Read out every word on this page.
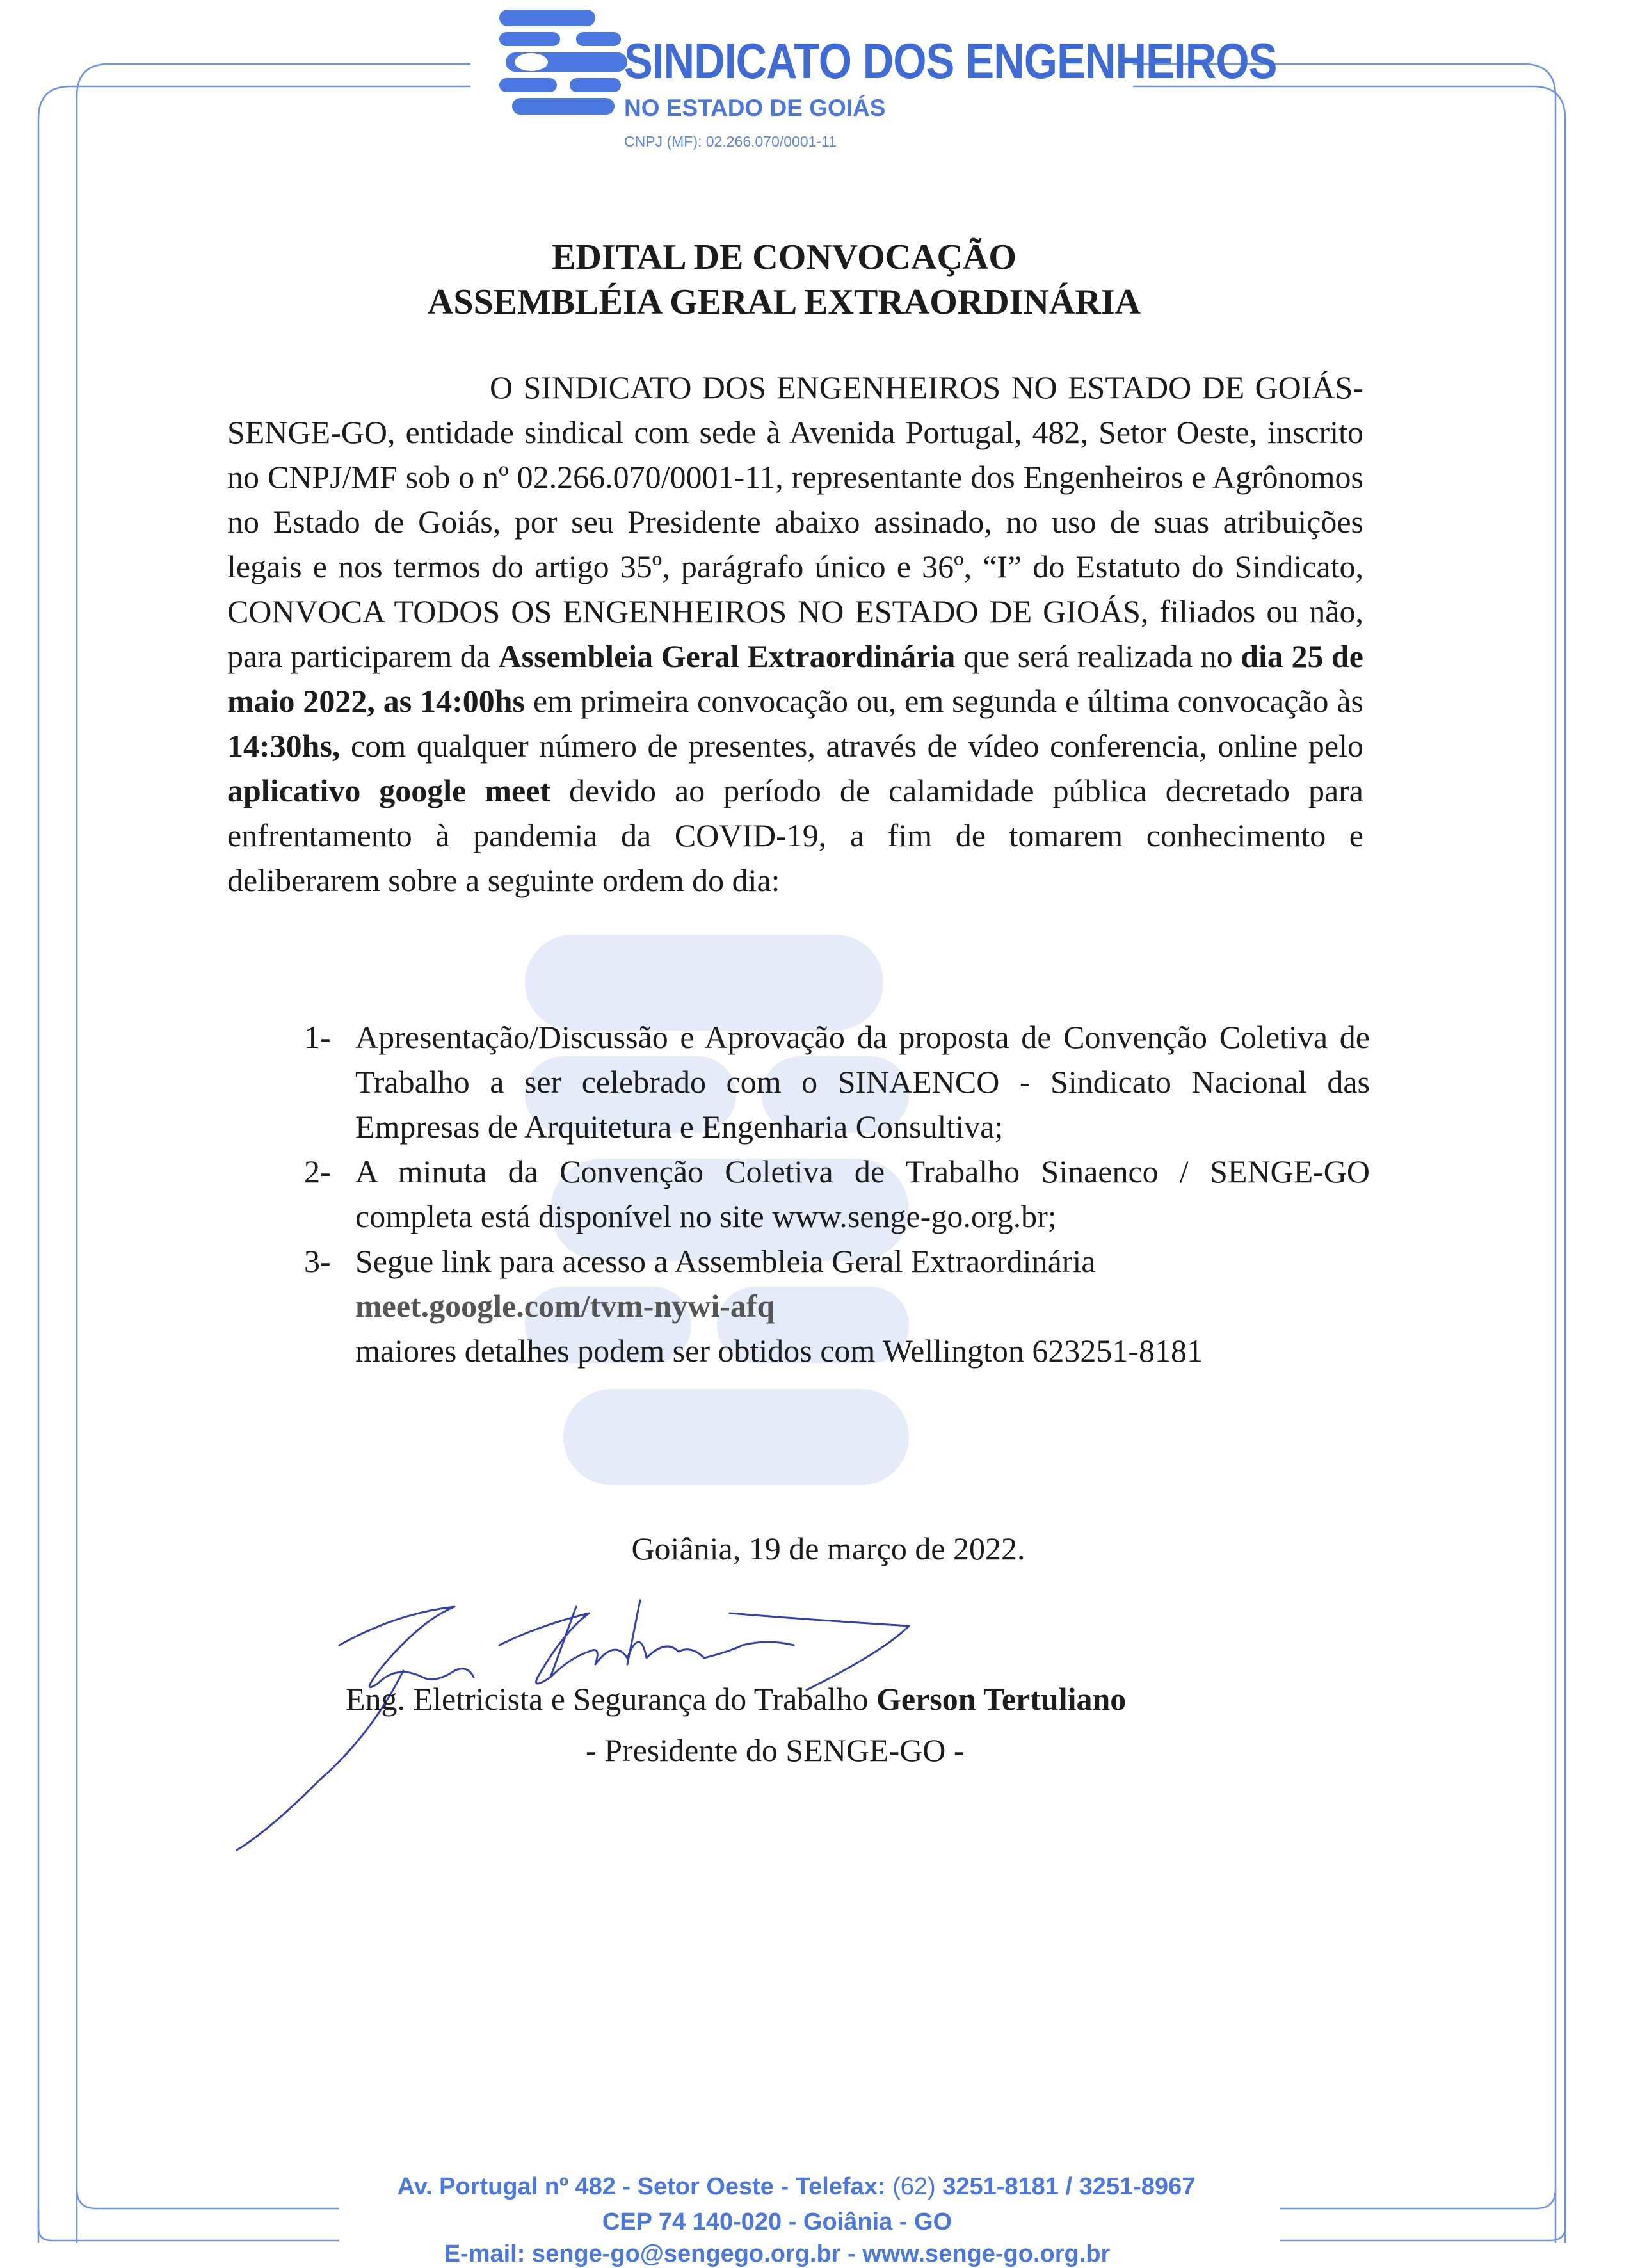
SINDICATO DOS ENGENHEIROS
NO ESTADO DE GOIÁS
CNPJ (MF): 02.266.070/0001-11
EDITAL DE CONVOCAÇÃO
ASSEMBLÉIA GERAL EXTRAORDINÁRIA
O SINDICATO DOS ENGENHEIROS NO ESTADO DE GOIÁS-SENGE-GO, entidade sindical com sede à Avenida Portugal, 482, Setor Oeste, inscrito no CNPJ/MF sob o nº 02.266.070/0001-11, representante dos Engenheiros e Agrônomos no Estado de Goiás, por seu Presidente abaixo assinado, no uso de suas atribuições legais e nos termos do artigo 35º, parágrafo único e 36º, “I” do Estatuto do Sindicato, CONVOCA TODOS OS ENGENHEIROS NO ESTADO DE GIOÁS, filiados ou não, para participarem da Assembleia Geral Extraordinária que será realizada no dia 25 de maio 2022, as 14:00hs em primeira convocação ou, em segunda e última convocação às 14:30hs, com qualquer número de presentes, através de vídeo conferencia, online pelo aplicativo google meet devido ao período de calamidade pública decretado para enfrentamento à pandemia da COVID-19, a fim de tomarem conhecimento e deliberarem sobre a seguinte ordem do dia:
1- Apresentação/Discussão e Aprovação da proposta de Convenção Coletiva de Trabalho a ser celebrado com o SINAENCO - Sindicato Nacional das Empresas de Arquitetura e Engenharia Consultiva;
2- A minuta da Convenção Coletiva de Trabalho Sinaenco / SENGE-GO completa está disponível no site www.senge-go.org.br;
3- Segue link para acesso a Assembleia Geral Extraordinária
meet.google.com/tvm-nywi-afq
maiores detalhes podem ser obtidos com Wellington 623251-8181
Goiânia, 19 de março de 2022.
Eng. Eletricista e Segurança do Trabalho Gerson Tertuliano
- Presidente do SENGE-GO -
Av. Portugal nº 482 - Setor Oeste - Telefax: (62) 3251-8181 / 3251-8967
CEP 74 140-020 - Goiânia - GO
E-mail: senge-go@sengego.org.br - www.senge-go.org.br
